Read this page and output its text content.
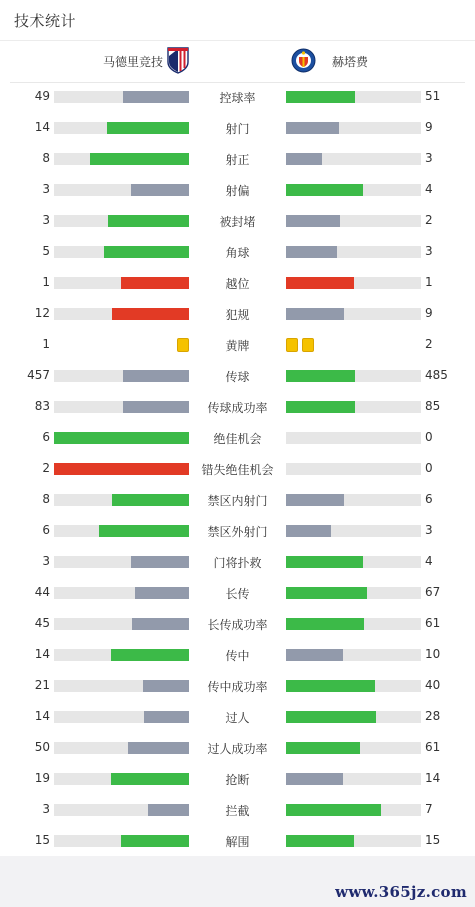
技术统计
马德里竞技	赫塔费
49	控球率	51
14	射门	9
8	射正	3
3	射偏	4
3	被封堵	2
5	角球	3
1	越位	1
12	犯规	9
1	黄牌	2
457	传球	485
83	传球成功率	85
6	绝佳机会	0
2	错失绝佳机会	0
8	禁区内射门	6
6	禁区外射门	3
3	门将扑救	4
44	长传	67
45	长传成功率	61
14	传中	10
21	传中成功率	40
14	过人	28
50	过人成功率	61
19	抢断	14
3	拦截	7
15	解围	15
www.365jz.com
